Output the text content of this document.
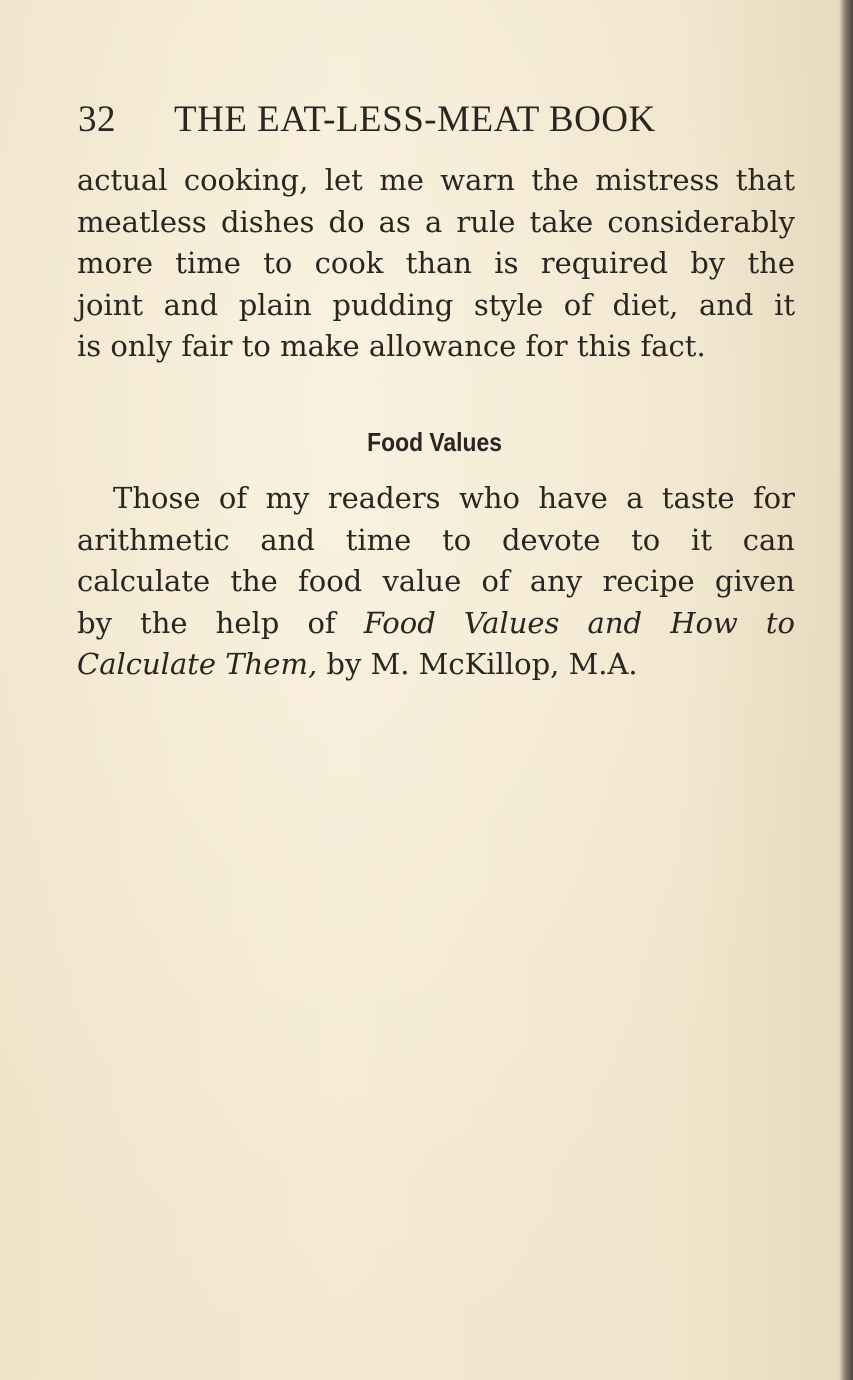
32 THE EAT-LESS-MEAT BOOK
actual cooking, let me warn the mistress that
meatless dishes do as a rule take considerably
more time to cook than is required by the
joint and plain pudding style of diet, and it
is only fair to make allowance for this fact.
Food Values
Those of my readers who have a taste for
arithmetic and time to devote to it can
calculate the food value of any recipe given
by the help of Food Values and How to
Calculate Them, by M. McKillop, M.A.
